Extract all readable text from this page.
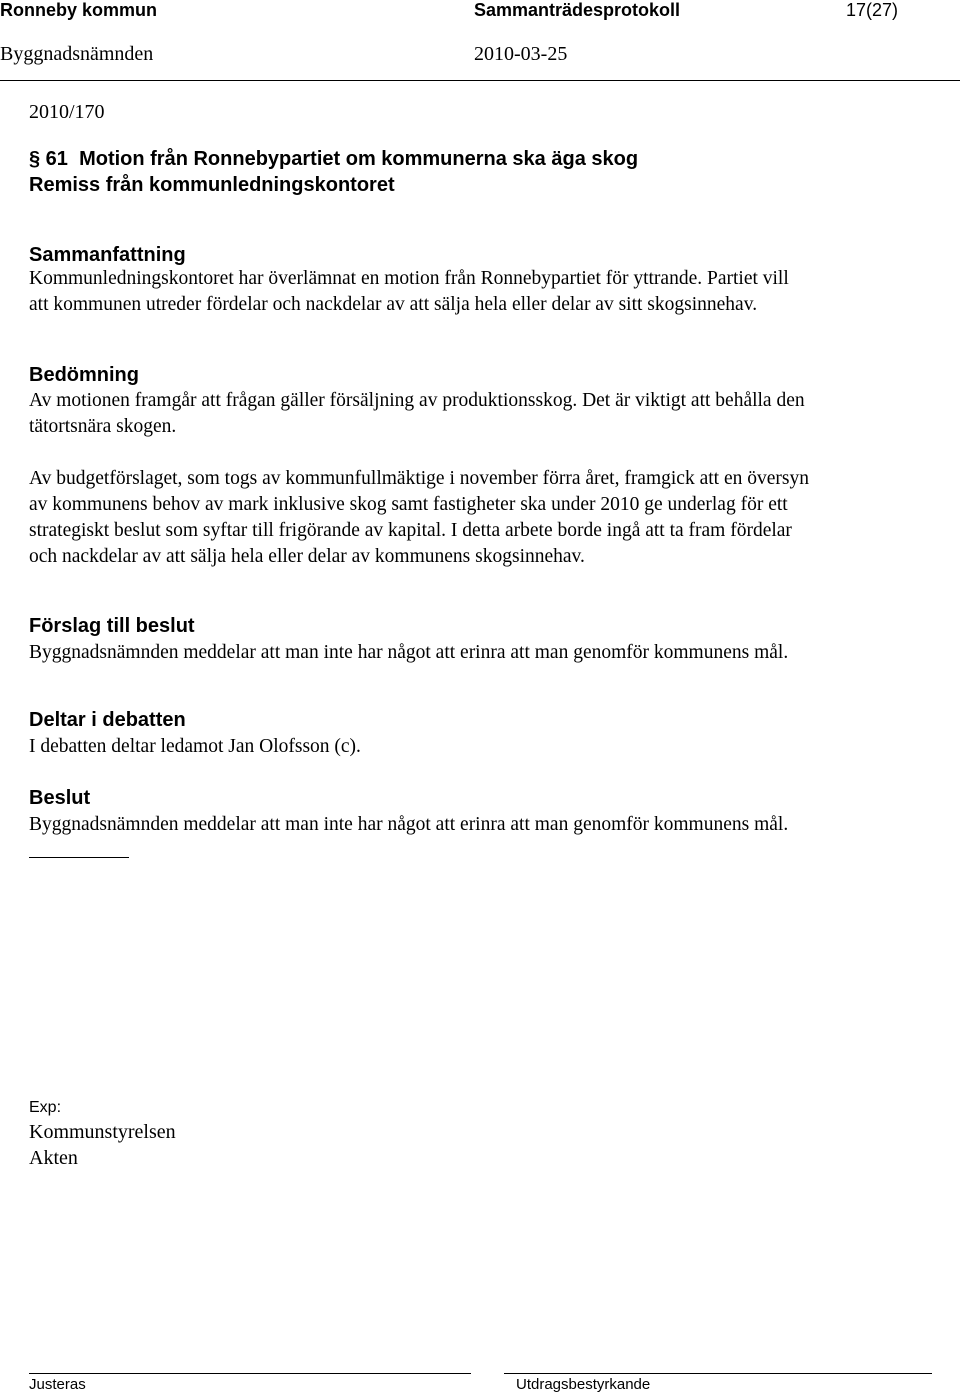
Ronneby kommun	Sammanträdesprotokoll	17(27)
Byggnadsnämnden	2010-03-25
2010/170
§ 61 Motion från Ronnebypartiet om kommunerna ska äga skog
Remiss från kommunledningskontoret
Sammanfattning
Kommunledningskontoret har överlämnat en motion från Ronnebypartiet för yttrande. Partiet vill
att kommunen utreder fördelar och nackdelar av att sälja hela eller delar av sitt skogsinnehav.
Bedömning
Av motionen framgår att frågan gäller försäljning av produktionsskog. Det är viktigt att behålla den
tätortsnära skogen.
Av budgetförslaget, som togs av kommunfullmäktige i november förra året, framgick att en översyn
av kommunens behov av mark inklusive skog samt fastigheter ska under 2010 ge underlag för ett
strategiskt beslut som syftar till frigörande av kapital. I detta arbete borde ingå att ta fram fördelar
och nackdelar av att sälja hela eller delar av kommunens skogsinnehav.
Förslag till beslut
Byggnadsnämnden meddelar att man inte har något att erinra att man genomför kommunens mål.
Deltar i debatten
I debatten deltar ledamot Jan Olofsson (c).
Beslut
Byggnadsnämnden meddelar att man inte har något att erinra att man genomför kommunens mål.
Exp:
Kommunstyrelsen
Akten
Justeras	Utdragsbestyrkande
